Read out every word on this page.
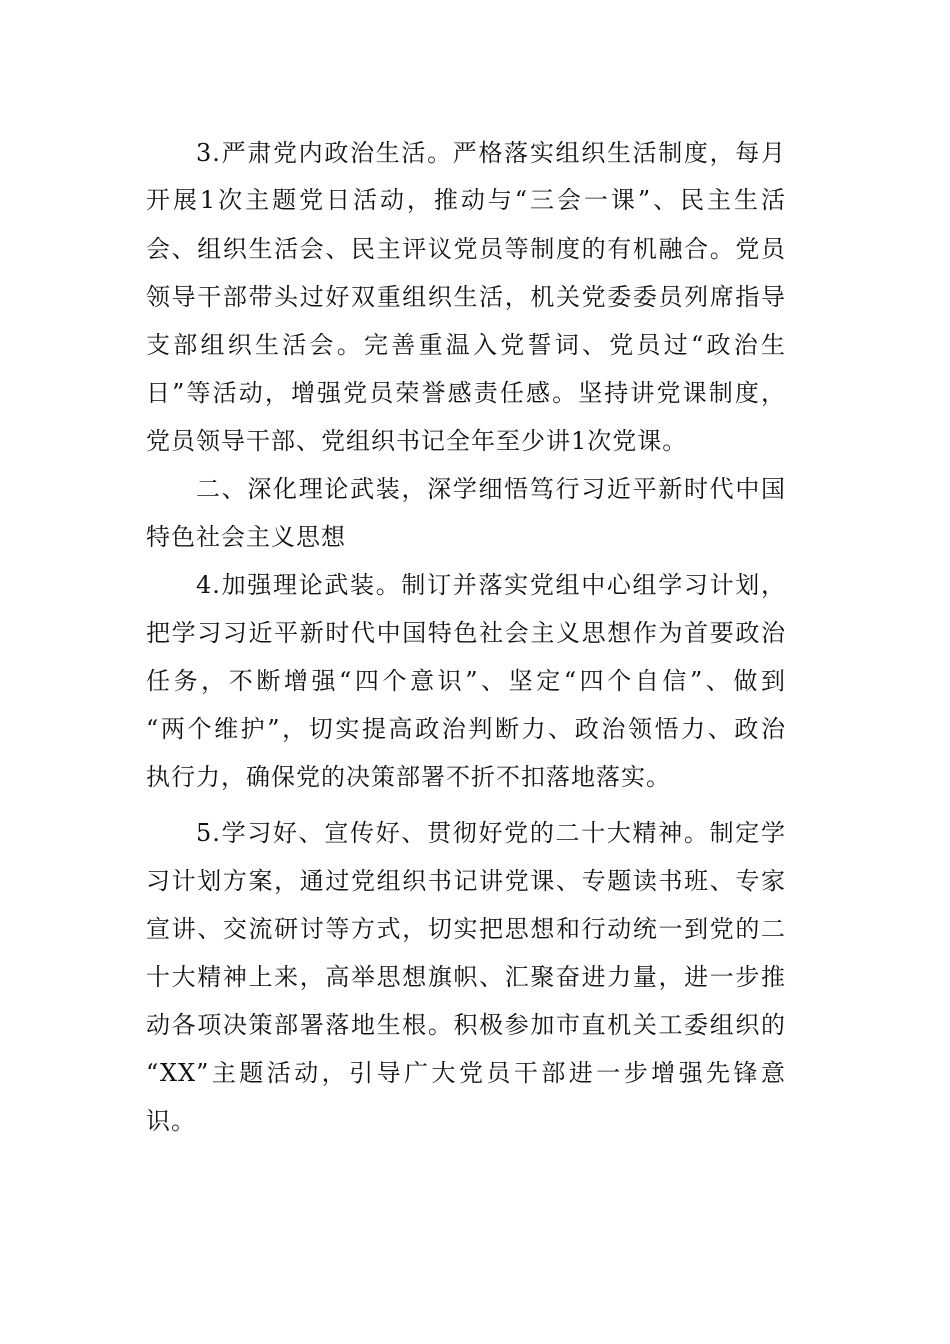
3.严肃党内政治生活。严格落实组织生活制度，每月
开展1次主题党日活动，推动与“三会一课”、民主生活
会、组织生活会、民主评议党员等制度的有机融合。党员
领导干部带头过好双重组织生活，机关党委委员列席指导
支部组织生活会。完善重温入党誓词、党员过“政治生
日”等活动，增强党员荣誉感责任感。坚持讲党课制度，
党员领导干部、党组织书记全年至少讲1次党课。
二、深化理论武装，深学细悟笃行习近平新时代中国
特色社会主义思想
4.加强理论武装。制订并落实党组中心组学习计划，
把学习习近平新时代中国特色社会主义思想作为首要政治
任务，不断增强“四个意识”、坚定“四个自信”、做到
“两个维护”，切实提高政治判断力、政治领悟力、政治
执行力，确保党的决策部署不折不扣落地落实。
5.学习好、宣传好、贯彻好党的二十大精神。制定学
习计划方案，通过党组织书记讲党课、专题读书班、专家
宣讲、交流研讨等方式，切实把思想和行动统一到党的二
十大精神上来，高举思想旗帜、汇聚奋进力量，进一步推
动各项决策部署落地生根。积极参加市直机关工委组织的
“XX”主题活动，引导广大党员干部进一步增强先锋意
识。
